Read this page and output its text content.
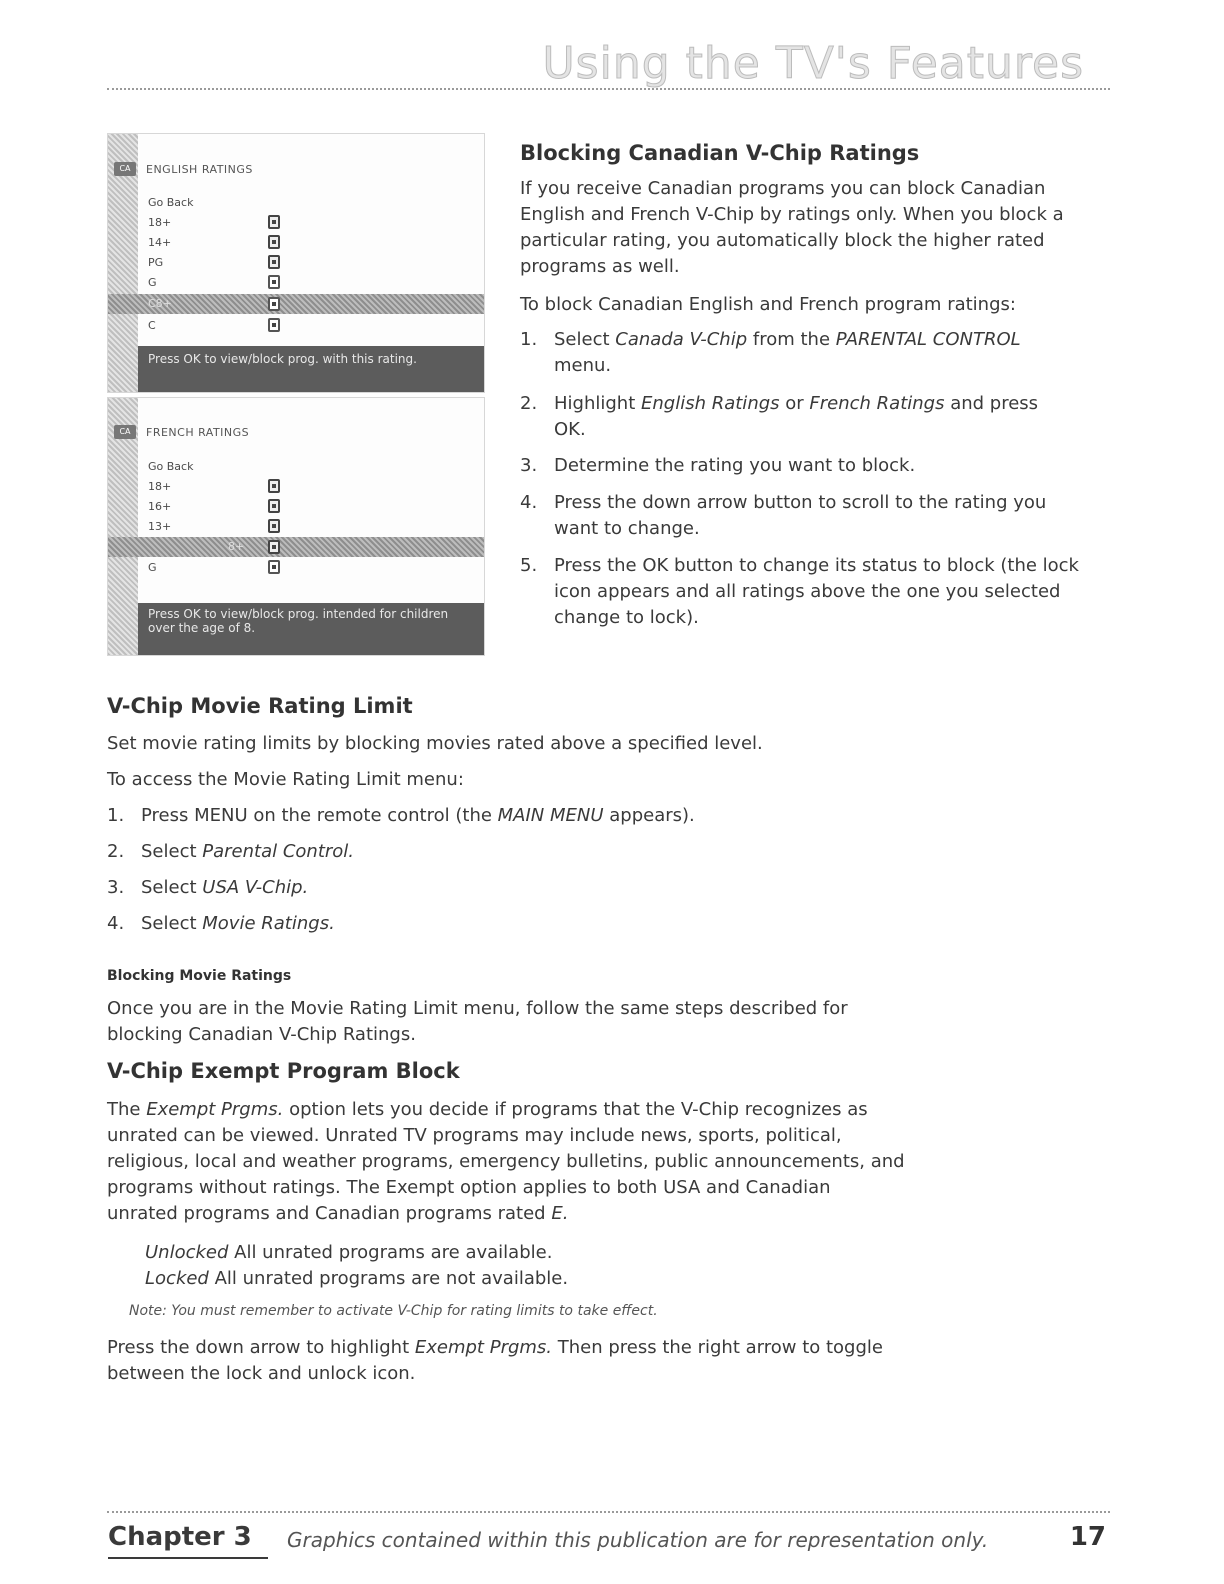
Using the TV's Features
CA	ENGLISH RATINGS
Go Back
18+
14+
PG
G
C8+
C
Press OK to view/block prog. with this rating.
CA	FRENCH RATINGS
Go Back
18+
16+
13+
8+
G
Press OK to view/block prog. intended for children over the age of 8.
Blocking Canadian V-Chip Ratings
If you receive Canadian programs you can block Canadian English and French V-Chip by ratings only. When you block a particular rating, you automatically block the higher rated programs as well.
To block Canadian English and French program ratings:
1. Select Canada V-Chip from the PARENTAL CONTROL menu.
2. Highlight English Ratings or French Ratings and press OK.
3. Determine the rating you want to block.
4. Press the down arrow button to scroll to the rating you want to change.
5. Press the OK button to change its status to block (the lock icon appears and all ratings above the one you selected change to lock).
V-Chip Movie Rating Limit
Set movie rating limits by blocking movies rated above a specified level.
To access the Movie Rating Limit menu:
1. Press MENU on the remote control (the MAIN MENU appears).
2. Select Parental Control.
3. Select USA V-Chip.
4. Select Movie Ratings.
Blocking Movie Ratings
Once you are in the Movie Rating Limit menu, follow the same steps described for blocking Canadian V-Chip Ratings.
V-Chip Exempt Program Block
The Exempt Prgms. option lets you decide if programs that the V-Chip recognizes as unrated can be viewed. Unrated TV programs may include news, sports, political, religious, local and weather programs, emergency bulletins, public announcements, and programs without ratings. The Exempt option applies to both USA and Canadian unrated programs and Canadian programs rated E.
Unlocked All unrated programs are available.
Locked All unrated programs are not available.
Note: You must remember to activate V-Chip for rating limits to take effect.
Press the down arrow to highlight Exempt Prgms. Then press the right arrow to toggle between the lock and unlock icon.
Chapter 3 Graphics contained within this publication are for representation only.	17
